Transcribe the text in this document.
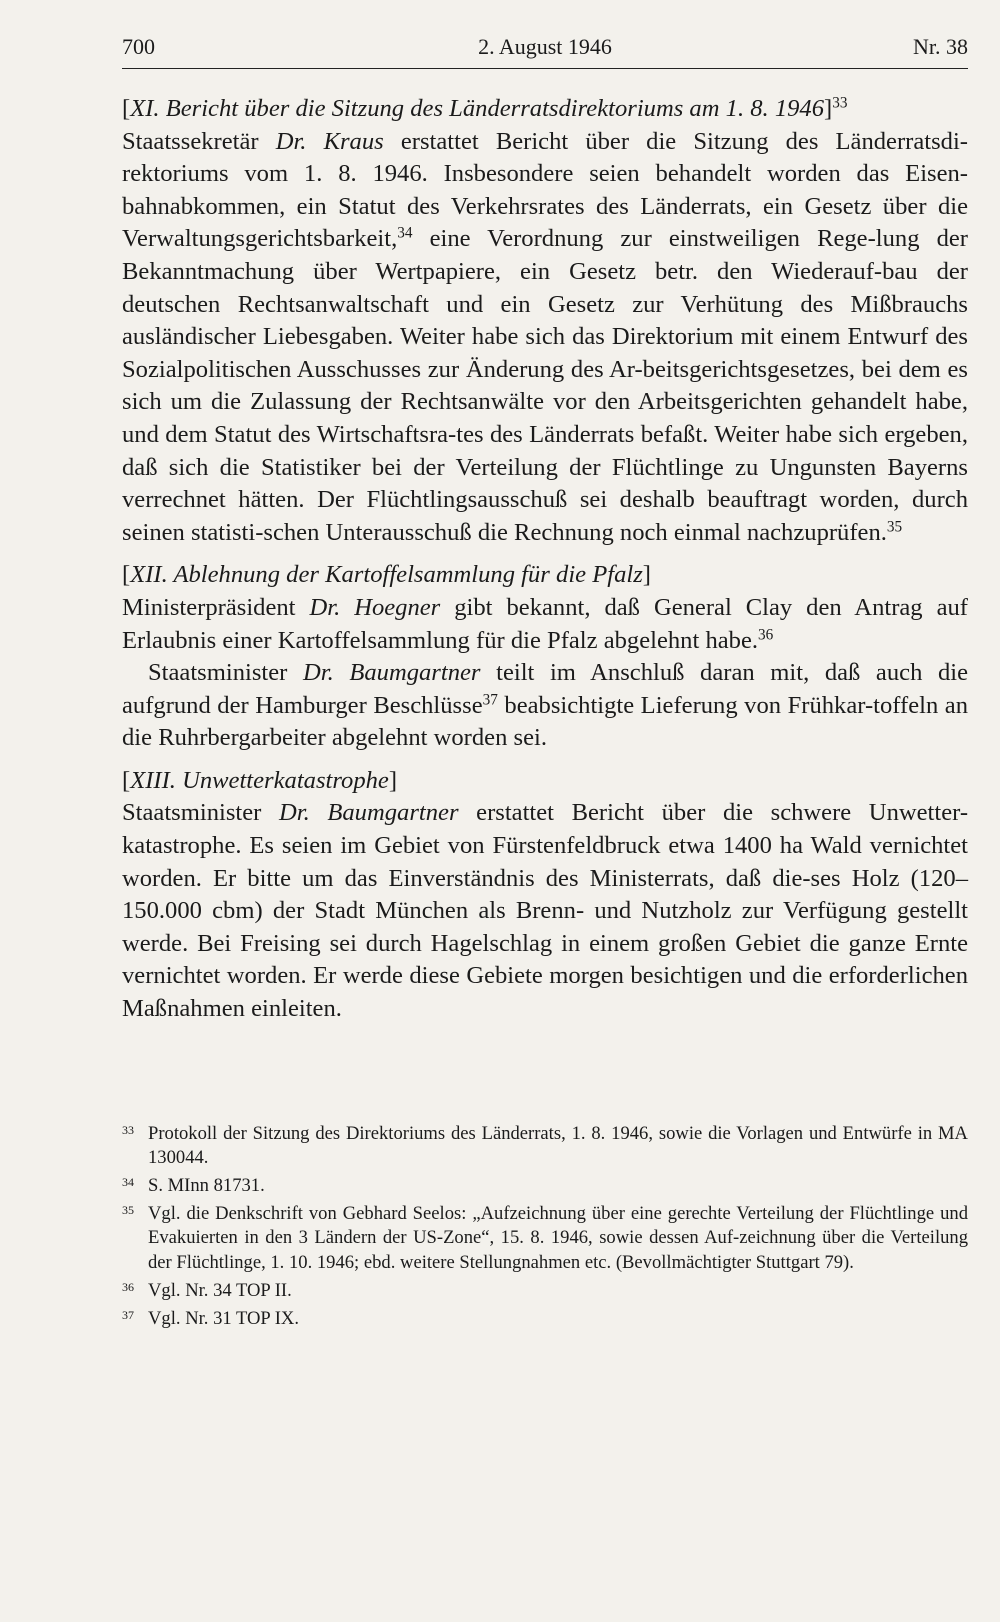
700	2. August 1946	Nr. 38
[XI. Bericht über die Sitzung des Länderratsdirektoriums am 1. 8. 1946]$^{33}$

Staatssekretär Dr. Kraus erstattet Bericht über die Sitzung des Länderratsdi-rektoriums vom 1. 8. 1946. Insbesondere seien behandelt worden das Eisen-bahnabkommen, ein Statut des Verkehrsrates des Länderrats, ein Gesetz über die Verwaltungsgerichtsbarkeit,$^{34}$ eine Verordnung zur einstweiligen Rege-lung der Bekanntmachung über Wertpapiere, ein Gesetz betr. den Wiederauf-bau der deutschen Rechtsanwaltschaft und ein Gesetz zur Verhütung des Mißbrauchs ausländischer Liebesgaben. Weiter habe sich das Direktorium mit einem Entwurf des Sozialpolitischen Ausschusses zur Änderung des Ar-beitsgerichtsgesetzes, bei dem es sich um die Zulassung der Rechtsanwälte vor den Arbeitsgerichten gehandelt habe, und dem Statut des Wirtschaftsra-tes des Länderrats befaßt. Weiter habe sich ergeben, daß sich die Statistiker bei der Verteilung der Flüchtlinge zu Ungunsten Bayerns verrechnet hätten. Der Flüchtlingsausschuß sei deshalb beauftragt worden, durch seinen statisti-schen Unterausschuß die Rechnung noch einmal nachzuprüfen.$^{35}$

[XII. Ablehnung der Kartoffelsammlung für die Pfalz]

Ministerpräsident Dr. Hoegner gibt bekannt, daß General Clay den Antrag auf Erlaubnis einer Kartoffelsammlung für die Pfalz abgelehnt habe.$^{36}$

Staatsminister Dr. Baumgartner teilt im Anschluß daran mit, daß auch die aufgrund der Hamburger Beschlüsse$^{37}$ beabsichtigte Lieferung von Frühkar-toffeln an die Ruhrbergarbeiter abgelehnt worden sei.

[XIII. Unwetterkatastrophe]

Staatsminister Dr. Baumgartner erstattet Bericht über die schwere Unwetter-katastrophe. Es seien im Gebiet von Fürstenfeldbruck etwa 1400 ha Wald vernichtet worden. Er bitte um das Einverständnis des Ministerrats, daß die-ses Holz (120–150.000 cbm) der Stadt München als Brenn- und Nutzholz zur Verfügung gestellt werde. Bei Freising sei durch Hagelschlag in einem großen Gebiet die ganze Ernte vernichtet worden. Er werde diese Gebiete morgen besichtigen und die erforderlichen Maßnahmen einleiten.

33 Protokoll der Sitzung des Direktoriums des Länderrats, 1. 8. 1946, sowie die Vorlagen und Entwürfe in MA 130044.
34 S. MInn 81731.
35 Vgl. die Denkschrift von Gebhard Seelos: „Aufzeichnung über eine gerechte Verteilung der Flüchtlinge und Evakuierten in den 3 Ländern der US-Zone“, 15. 8. 1946, sowie dessen Auf-zeichnung über die Verteilung der Flüchtlinge, 1. 10. 1946; ebd. weitere Stellungnahmen etc. (Bevollmächtigter Stuttgart 79).
36 Vgl. Nr. 34 TOP II.
37 Vgl. Nr. 31 TOP IX.
